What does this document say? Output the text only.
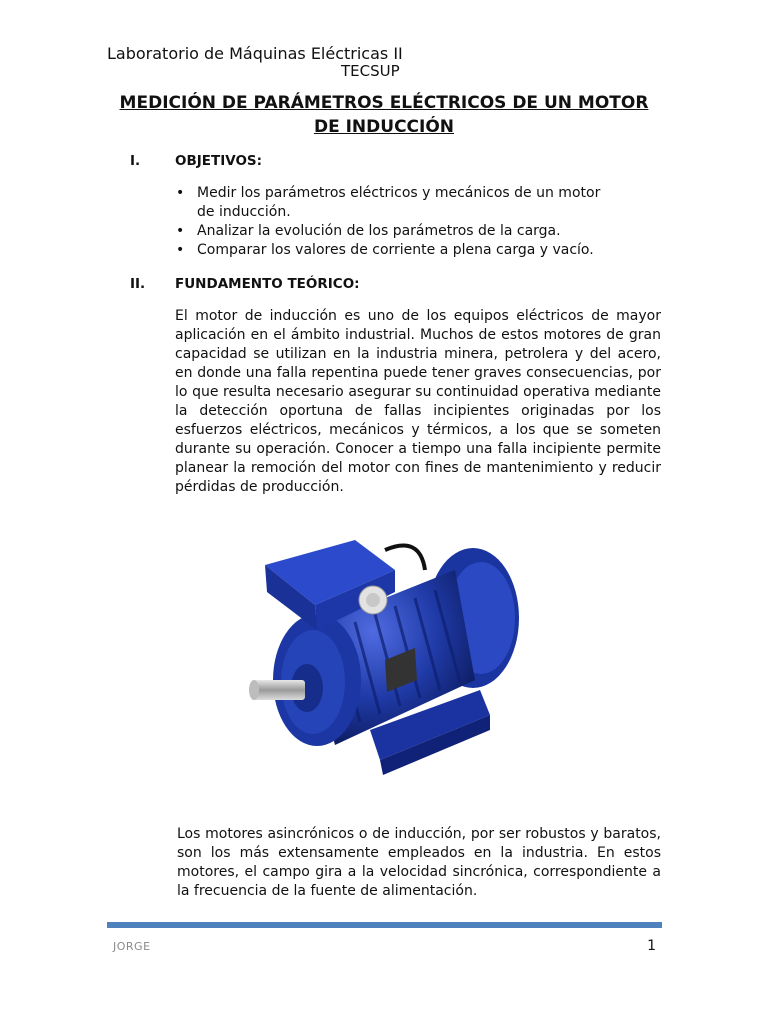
Laboratorio de Máquinas Eléctricas II
TECSUP
MEDICIÓN DE PARÁMETROS ELÉCTRICOS DE UN MOTOR
DE INDUCCIÓN
I.	OBJETIVOS:
• Medir los parámetros eléctricos y mecánicos de un motor de inducción.
• Analizar la evolución de los parámetros de la carga.
• Comparar los valores de corriente a plena carga y vacío.
II. FUNDAMENTO TEÓRICO:
El motor de inducción es uno de los equipos eléctricos de mayor aplicación en el ámbito industrial. Muchos de estos motores de gran capacidad se utilizan en la industria minera, petrolera y del acero, en donde una falla repentina puede tener graves consecuencias, por lo que resulta necesario asegurar su continuidad operativa mediante la detección oportuna de fallas incipientes originadas por los esfuerzos eléctricos, mecánicos y térmicos, a los que se someten durante su operación. Conocer a tiempo una falla incipiente permite planear la remoción del motor con fines de mantenimiento y reducir pérdidas de producción.
Los motores asincrónicos o de inducción, por ser robustos y baratos, son los más extensamente empleados en la industria. En estos motores, el campo gira a la velocidad sincrónica, correspondiente a la frecuencia de la fuente de alimentación.
JORGE	1
